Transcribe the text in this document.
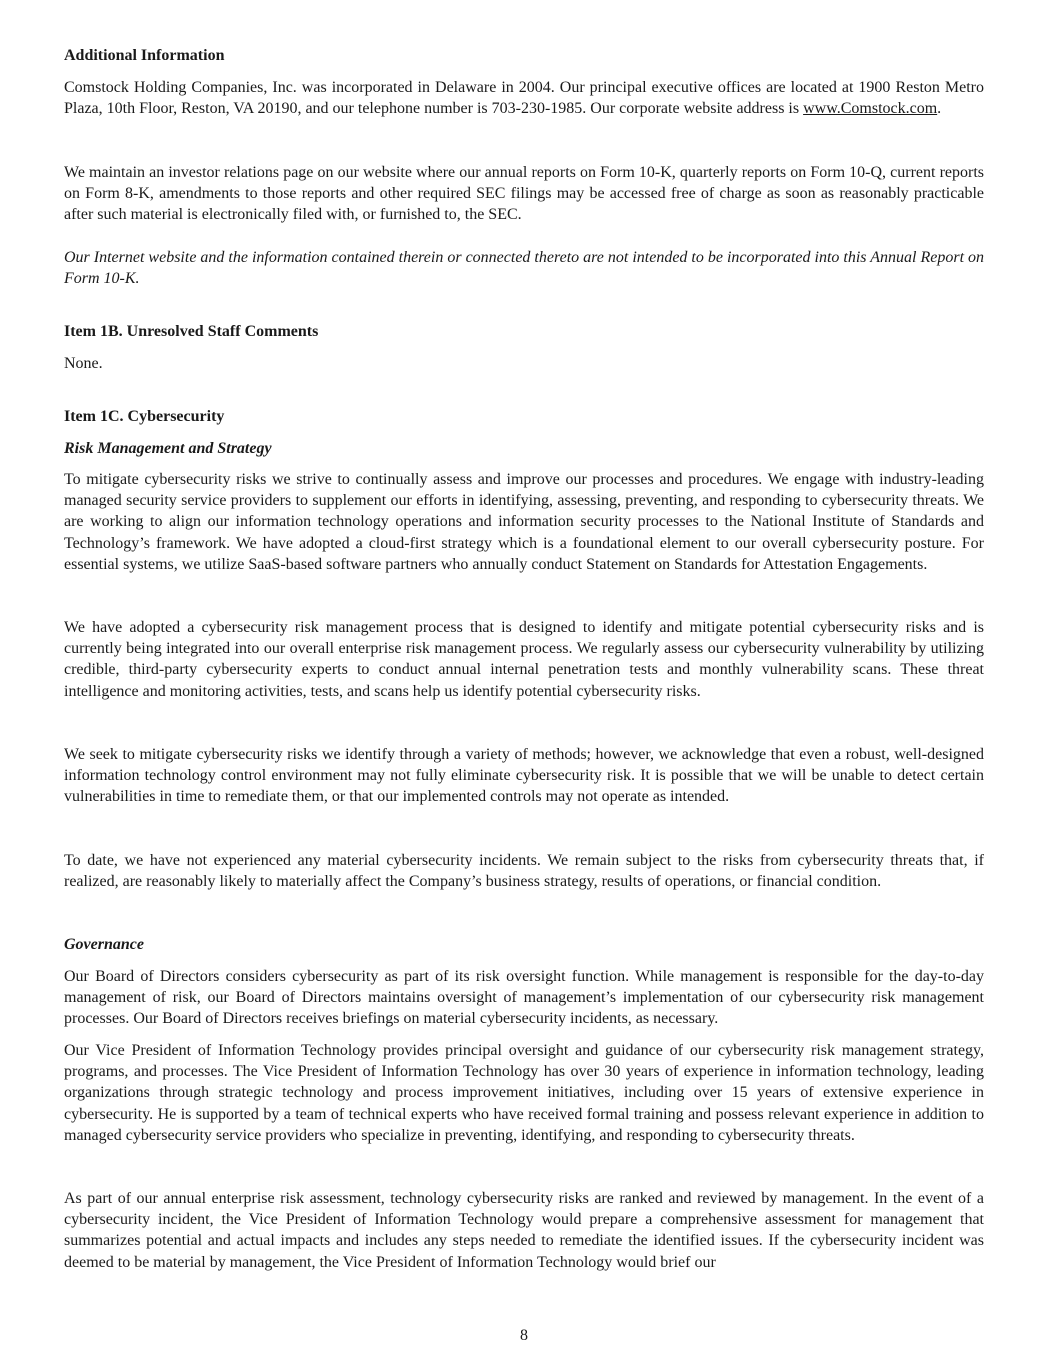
Additional Information

Comstock Holding Companies, Inc. was incorporated in Delaware in 2004. Our principal executive offices are located at 1900 Reston Metro Plaza, 10th Floor, Reston, VA 20190, and our telephone number is 703-230-1985. Our corporate website address is www.Comstock.com.

We maintain an investor relations page on our website where our annual reports on Form 10-K, quarterly reports on Form 10-Q, current reports on Form 8-K, amendments to those reports and other required SEC filings may be accessed free of charge as soon as reasonably practicable after such material is electronically filed with, or furnished to, the SEC.

Our Internet website and the information contained therein or connected thereto are not intended to be incorporated into this Annual Report on Form 10-K.

Item 1B. Unresolved Staff Comments

None.

Item 1C. Cybersecurity
Risk Management and Strategy

To mitigate cybersecurity risks we strive to continually assess and improve our processes and procedures. We engage with industry-leading managed security service providers to supplement our efforts in identifying, assessing, preventing, and responding to cybersecurity threats. We are working to align our information technology operations and information security processes to the National Institute of Standards and Technology’s framework. We have adopted a cloud-first strategy which is a foundational element to our overall cybersecurity posture. For essential systems, we utilize SaaS-based software partners who annually conduct Statement on Standards for Attestation Engagements.

We have adopted a cybersecurity risk management process that is designed to identify and mitigate potential cybersecurity risks and is currently being integrated into our overall enterprise risk management process. We regularly assess our cybersecurity vulnerability by utilizing credible, third-party cybersecurity experts to conduct annual internal penetration tests and monthly vulnerability scans. These threat intelligence and monitoring activities, tests, and scans help us identify potential cybersecurity risks.

We seek to mitigate cybersecurity risks we identify through a variety of methods; however, we acknowledge that even a robust, well-designed information technology control environment may not fully eliminate cybersecurity risk. It is possible that we will be unable to detect certain vulnerabilities in time to remediate them, or that our implemented controls may not operate as intended.

To date, we have not experienced any material cybersecurity incidents. We remain subject to the risks from cybersecurity threats that, if realized, are reasonably likely to materially affect the Company’s business strategy, results of operations, or financial condition.

Governance

Our Board of Directors considers cybersecurity as part of its risk oversight function. While management is responsible for the day-to-day management of risk, our Board of Directors maintains oversight of management’s implementation of our cybersecurity risk management processes. Our Board of Directors receives briefings on material cybersecurity incidents, as necessary.

Our Vice President of Information Technology provides principal oversight and guidance of our cybersecurity risk management strategy, programs, and processes. The Vice President of Information Technology has over 30 years of experience in information technology, leading organizations through strategic technology and process improvement initiatives, including over 15 years of extensive experience in cybersecurity. He is supported by a team of technical experts who have received formal training and possess relevant experience in addition to managed cybersecurity service providers who specialize in preventing, identifying, and responding to cybersecurity threats.

As part of our annual enterprise risk assessment, technology cybersecurity risks are ranked and reviewed by management. In the event of a cybersecurity incident, the Vice President of Information Technology would prepare a comprehensive assessment for management that summarizes potential and actual impacts and includes any steps needed to remediate the identified issues. If the cybersecurity incident was deemed to be material by management, the Vice President of Information Technology would brief our

8
